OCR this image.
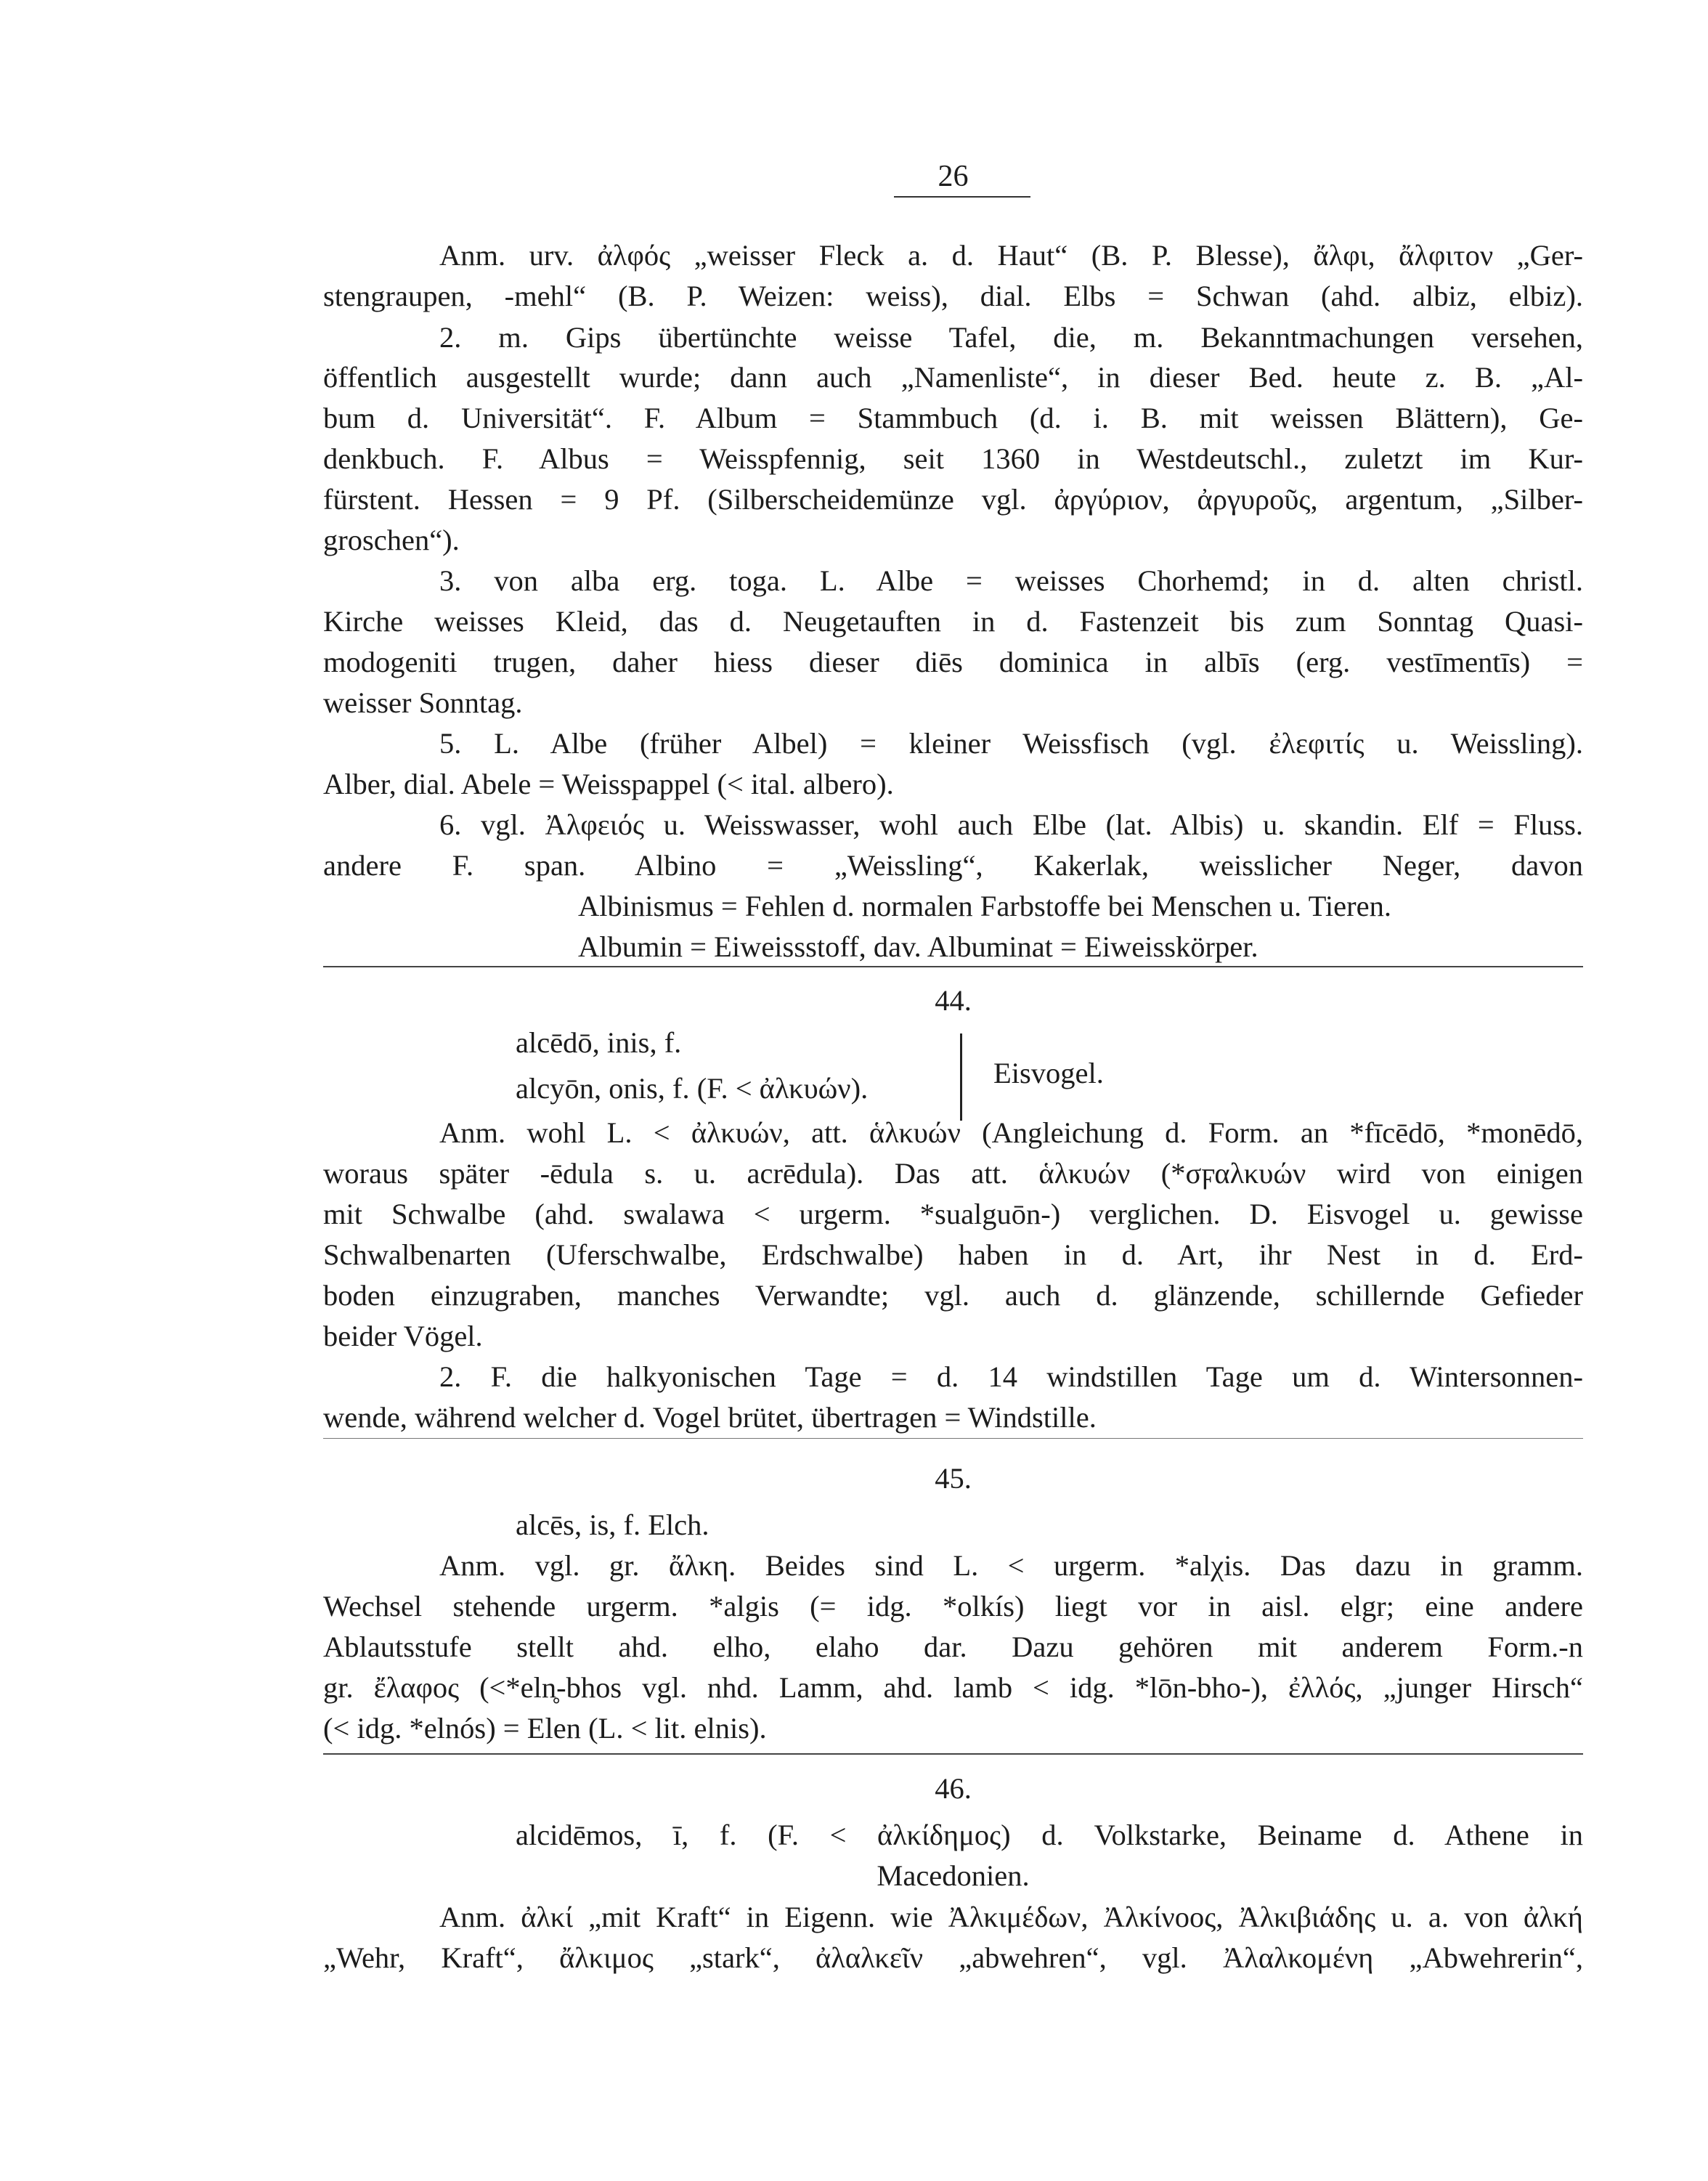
26
Anm. urv. ἀλφός „weisser Fleck a. d. Haut“ (B. P. Blesse), ἄλφι, ἄλφιτον „Ger-
stengraupen, -mehl“ (B. P. Weizen: weiss), dial. Elbs = Schwan (ahd. albiz, elbiz).
2. m. Gips übertünchte weisse Tafel, die, m. Bekanntmachungen versehen,
öffentlich ausgestellt wurde; dann auch „Namenliste“, in dieser Bed. heute z. B. „Al-
bum d. Universität“. F. Album = Stammbuch (d. i. B. mit weissen Blättern), Ge-
denkbuch. F. Albus = Weisspfennig, seit 1360 in Westdeutschl., zuletzt im Kur-
fürstent. Hessen = 9 Pf. (Silberscheidemünze vgl. ἀργύριον, ἀργυροῦς, argentum, „Silber-
groschen“).
3. von alba erg. toga. L. Albe = weisses Chorhemd; in d. alten christl.
Kirche weisses Kleid, das d. Neugetauften in d. Fastenzeit bis zum Sonntag Quasi-
modogeniti trugen, daher hiess dieser diēs dominica in albīs (erg. vestīmentīs) =
weisser Sonntag.
5. L. Albe (früher Albel) = kleiner Weissfisch (vgl. ἐλεφιτίς u. Weissling).
Alber, dial. Abele = Weisspappel (< ital. albero).
6. vgl. Ἀλφειός u. Weisswasser, wohl auch Elbe (lat. Albis) u. skandin. Elf = Fluss.
andere F. span. Albino = „Weissling“, Kakerlak, weisslicher Neger, davon
Albinismus = Fehlen d. normalen Farbstoffe bei Menschen u. Tieren.
Albumin = Eiweissstoff, dav. Albuminat = Eiweisskörper.
44.
alcēdō, inis, f.
alcyōn, onis, f. (F. < ἀλκυών).	Eisvogel.
Anm. wohl L. < ἀλκυών, att. ἁλκυών (Angleichung d. Form. an *fīcēdō, *monēdō,
woraus später -ēdula s. u. acrēdula). Das att. ἁλκυών (*σϝαλκυών wird von einigen
mit Schwalbe (ahd. swalawa < urgerm. *sualguōn-) verglichen. D. Eisvogel u. gewisse
Schwalbenarten (Uferschwalbe, Erdschwalbe) haben in d. Art, ihr Nest in d. Erd-
boden einzugraben, manches Verwandte; vgl. auch d. glänzende, schillernde Gefieder
beider Vögel.
2. F. die halkyonischen Tage = d. 14 windstillen Tage um d. Wintersonnen-
wende, während welcher d. Vogel brütet, übertragen = Windstille.
45.
alcēs, is, f. Elch.
Anm. vgl. gr. ἄλκη. Beides sind L. < urgerm. *alχis. Das dazu in gramm.
Wechsel stehende urgerm. *algis (= idg. *olkís) liegt vor in aisl. elgr; eine andere
Ablautsstufe stellt ahd. elho, elaho dar. Dazu gehören mit anderem Form.-n
gr. ἔλαφος (<*eln̥-bhos vgl. nhd. Lamm, ahd. lamb < idg. *lōn-bho-), ἐλλός, „junger Hirsch“
(< idg. *elnós) = Elen (L. < lit. elnis).
46.
alcidēmos, ī, f. (F. < ἀλκίδημος) d. Volkstarke, Beiname d. Athene in
Macedonien.
Anm. ἀλκί „mit Kraft“ in Eigenn. wie Ἀλκιμέδων, Ἀλκίνοος, Ἀλκιβιάδης u. a. von ἀλκή
„Wehr, Kraft“, ἄλκιμος „stark“, ἀλαλκεῖν „abwehren“, vgl. Ἀλαλκομένη „Abwehrerin“,
